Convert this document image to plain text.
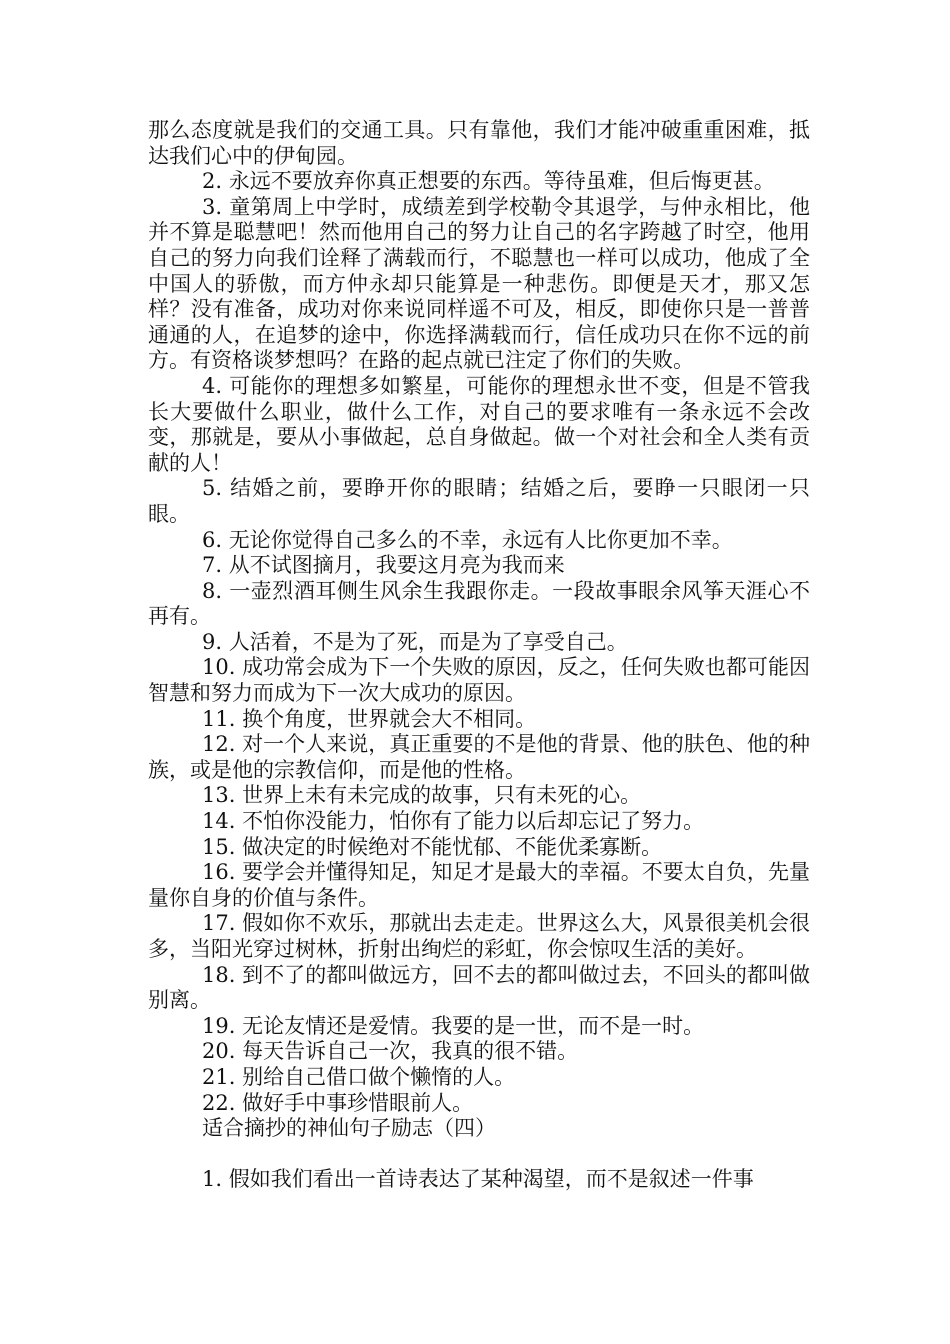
那么态度就是我们的交通工具。只有靠他，我们才能冲破重重困难，抵达我们心中的伊甸园。

2. 永远不要放弃你真正想要的东西。等待虽难，但后悔更甚。

3. 童第周上中学时，成绩差到学校勒令其退学，与仲永相比，他并不算是聪慧吧！然而他用自己的努力让自己的名字跨越了时空，他用自己的努力向我们诠释了满载而行，不聪慧也一样可以成功，他成了全中国人的骄傲，而方仲永却只能算是一种悲伤。即便是天才，那又怎样？没有准备，成功对你来说同样遥不可及，相反，即使你只是一普普通通的人，在追梦的途中，你选择满载而行，信任成功只在你不远的前方。有资格谈梦想吗？在路的起点就已注定了你们的失败。

4. 可能你的理想多如繁星，可能你的理想永世不变，但是不管我长大要做什么职业，做什么工作，对自己的要求唯有一条永远不会改变，那就是，要从小事做起，总自身做起。做一个对社会和全人类有贡献的人！

5. 结婚之前，要睁开你的眼睛；结婚之后，要睁一只眼闭一只眼。

6. 无论你觉得自己多么的不幸，永远有人比你更加不幸。

7. 从不试图摘月，我要这月亮为我而来

8. 一壶烈酒耳侧生风余生我跟你走。一段故事眼余风筝天涯心不再有。

9. 人活着，不是为了死，而是为了享受自己。

10. 成功常会成为下一个失败的原因，反之，任何失败也都可能因智慧和努力而成为下一次大成功的原因。

11. 换个角度，世界就会大不相同。

12. 对一个人来说，真正重要的不是他的背景、他的肤色、他的种族，或是他的宗教信仰，而是他的性格。

13. 世界上未有未完成的故事，只有未死的心。

14. 不怕你没能力，怕你有了能力以后却忘记了努力。

15. 做决定的时候绝对不能忧郁、不能优柔寡断。

16. 要学会并懂得知足，知足才是最大的幸福。不要太自负，先量量你自身的价值与条件。

17. 假如你不欢乐，那就出去走走。世界这么大，风景很美机会很多，当阳光穿过树林，折射出绚烂的彩虹，你会惊叹生活的美好。

18. 到不了的都叫做远方，回不去的都叫做过去，不回头的都叫做别离。

19. 无论友情还是爱情。我要的是一世，而不是一时。

20. 每天告诉自己一次，我真的很不错。

21. 别给自己借口做个懒惰的人。

22. 做好手中事珍惜眼前人。

适合摘抄的神仙句子励志（四）

1. 假如我们看出一首诗表达了某种渴望，而不是叙述一件事
